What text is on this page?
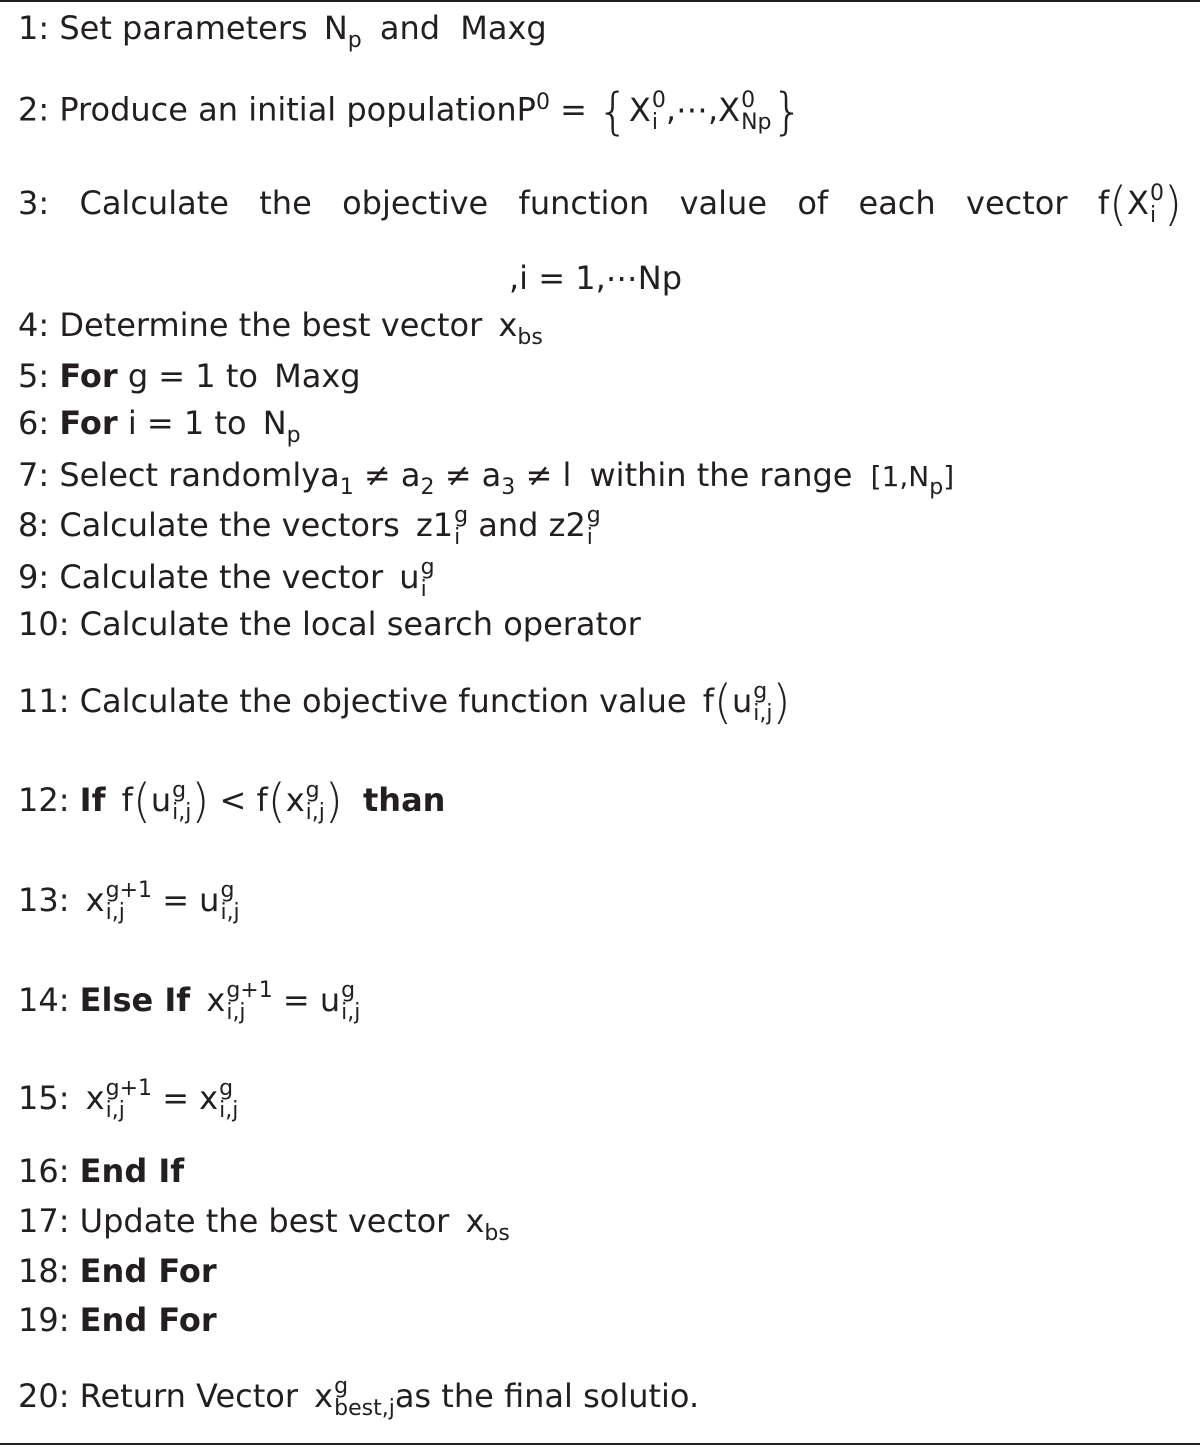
1: Set parameters $N_p$ and Maxg
2: Produce an initial populationP$^0$ = {X 0
i ,⋯,X 0
Np }
3: Calculate the objective function value of each vector f(X 0
i )
,i = 1,⋯Np
4: Determine the best vector $x_{bs}$
5: For g = 1 to Maxg
6: For i = 1 to $N_p$
7: Select randomlya$_1$ ≠ $a_2 \ne a_3 \ne l$ within the range $[1,N_p]$
8: Calculate the vectors z1 g
i and z2 g
i
9: Calculate the vector u g
i
10: Calculate the local search operator
11: Calculate the objective function value f(u g
i,j )
12: If f(u g
i,j ) < f(x g
i,j ) than
13: x g+1
i,j = u g
i,j
14: Else If x g+1
i,j = u g
i,j
15: x g+1
i,j = x g
i,j
16: End If
17: Update the best vector $x_{bs}$
18: End For
19: End For
20: Return Vector x g
best,j as the final solutio.
